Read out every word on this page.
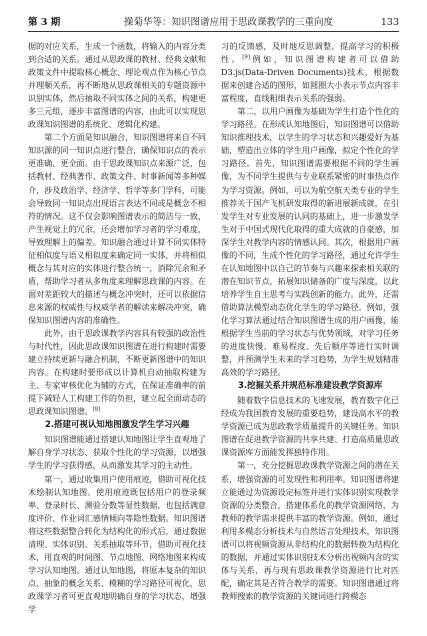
第 3 期	操菊华等：知识图谱应用于思政课教学的三重向度	133

据的对应关系，生成一个函数，将输入的内容分类到合适的关系。通过从思政课的教材、经典文献和政策文件中提取核心概念、理论观点作为核心节点并理顺关系，再不断地从思政课相关的专题资源中识别实体，然后抽取不同实体之间的关系，构建更多三元组，逐步丰富图谱的内容，由此可以实现思政课知识图谱的系统化、逻辑化构建。

第二个方面是知识融合，知识图谱将来自不同知识源的同一知识点进行整合，确保知识点的表示更准确、更全面。由于思政课知识点来源广泛，包括教材、经典著作、政策文件、时事新闻等多种媒介，涉及政治学、经济学、哲学等多门学科，可能会导致同一知识点出现语言表达不同或是概念不相符的情况。这不仅会影响图谱表示的简洁与一致，产生视觉上的冗余，还会增加学习者的学习难度，导致理解上的偏差。知识融合通过计算不同实体特征相似度与语义相似度来确定同一实体，并将相似概念与其对应的实体进行整合统一，消除冗余和矛盾，帮助学习者从多角度来理解思政课的内容。在面对差距较大的描述与概念冲突时，还可以依据信息来源的权威性与权威学者的解读来解决冲突，确保知识图谱内容的准确性。

此外，由于思政课教学内容具有较强的政治性与时代性，因此思政课知识图谱在进行构建时需要建立持续更新与融合机制，不断更新图谱中的知识内容。在构建时要形成以计算机自动抽取构建为主、专家审核优化为辅的方式，在保证准确率的前提下减轻人工构建工作的负担，建立起全面动态的思政课知识图谱。[8]

2.搭建可视认知地图激发学生学习兴趣

知识图谱能通过搭建认知地图让学生直观地了解自身学习状态、获取个性化的学习资源，以增强学生的学习获得感，从而激发其学习的主动性。

第一，通过收集用户使用痕迹，借助可视化技术绘制认知地图。使用痕迹既包括用户的登录频率、登录时长、测验分数等显性数据，也包括满意度评价、作业词汇感情倾向等隐性数据。知识图谱将这些数据整合转化为结构化的形式后，通过数据清理、实体识别、关系抽取等环节，借助可视化技术，用直观的时间图、节点地图、网络地图来构成学习认知地图。通过认知地图，将原本复杂的知识点、抽象的概念关系、模糊的学习路径可视化，思政课学习者可更直观地明确自身的学习状态，增强学

习的反馈感，及时地反思调整，提高学习的积极性。[9]例如，知识图谱构建者可以借助 D3.js(Data‑Driven Documents)技术，根据数据来创建合适的图形，如圆圈大小表示节点内容丰富程度，直线粗细表示关系的强弱。

第二，以用户画像为基础为学生打造个性化的学习路径。在形成认知地图后，知识图谱可以借助知识推理技术，以学生的学习状态和兴趣爱好为基础，塑造出立体的学生用户画像，拟定个性化的学习路径。首先，知识图谱需要根据不同的学生画像，为不同学生提供与专业联系紧密的时事热点作为学习资源。例如，可以为航空航天类专业的学生推荐关于国产飞机研发取得的新进展新成就，在引发学生对专业发展的认同的基础上，进一步激发学生对于中国式现代化取得的重大成就的自豪感，加深学生对教学内容的情感认同。其次，根据用户画像的不同，生成个性化的学习路径，通过允许学生在认知地图中以自己的节奏与兴趣来探索相关联的潜在知识节点，拓展知识储备的广度与深度，以此培养学生自主思考与实践创新的能力。此外，还需借助算法模型动态优化学生的学习路径。例如，强化学习算法通过结合知识图谱生成的用户画像，能根据学生当前的学习状态与优势领域，对学习任务的进度快慢、难易程度、先后顺序等进行实时调整，并预测学生未来的学习趋势，为学生规划精准高效的学习路径。

3.挖掘关系并规范标准建设教学资源库

随着数字信息技术的飞速发展，教育数字化已经成为我国教育发展的重要趋势，建设高水平的教学资源已成为思政教学质量提升的关键任务。知识图谱在促进教学资源的共享共建、打造高质量思政课资源库方面能发挥独特作用。

第一，充分挖掘思政课教学资源之间的潜在关系，增强资源的可发现性和利用率。知识图谱将建立能通过为资源设定标签并进行实体识别实现教学资源的分类整合，搭建体系化的教学资源网络，为教师的教学需求提供丰富的教学资源。例如，通过利用多模态分析技术与自然语言处理技术，知识图谱可以将视频资源从非结构化的数据转换为结构化的数据，并通过实体识别技术分析出视频内含的实体与关系，再与现有思政课教学资源进行比对匹配，确定其是否符合教学的需要。知识图谱通过将教师搜索的教学资源的关键词进行跨模态
